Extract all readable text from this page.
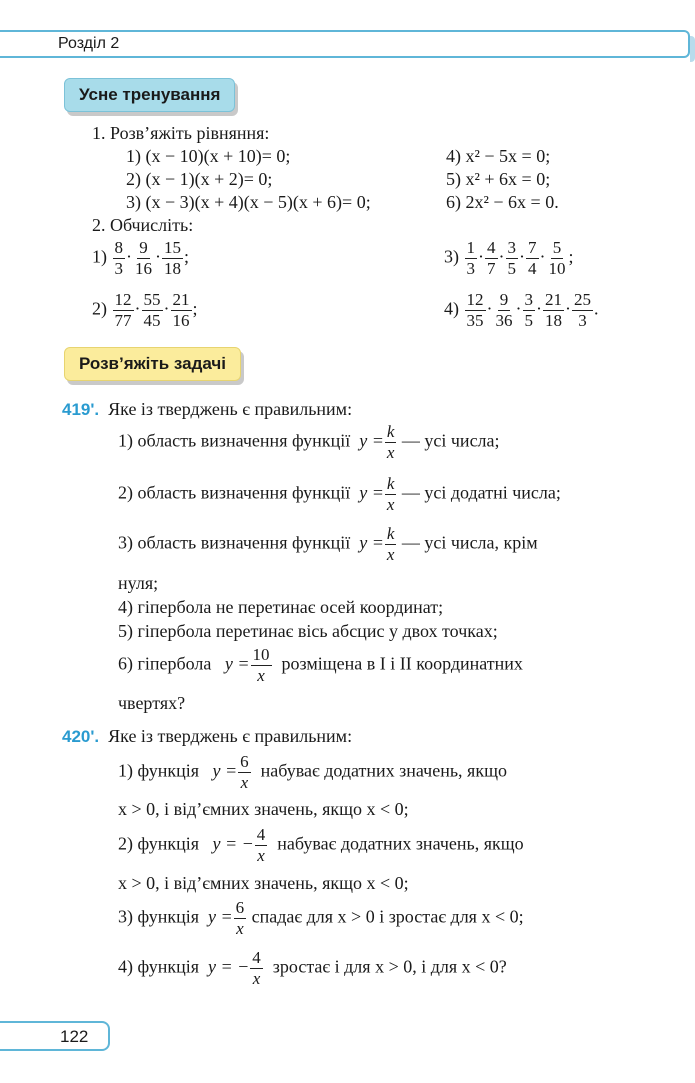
Розділ 2
Усне тренування
1. Розв’яжіть рівняння:
1) (x − 10)(x + 10)= 0;
2) (x − 1)(x + 2)= 0;
3) (x − 3)(x + 4)(x − 5)(x + 6)= 0;
4) x² − 5x = 0;
5) x² + 6x = 0;
6) 2x² − 6x = 0.
2. Обчисліть:
$1) \frac{8}{3} \cdot \frac{9}{16} \cdot \frac{15}{18}$ ;
$2) \frac{12}{77} \cdot \frac{55}{45} \cdot \frac{21}{16}$ ;
$3) \frac{1}{3} \cdot \frac{4}{7} \cdot \frac{3}{5} \cdot \frac{7}{4} \cdot \frac{5}{10}$ ;
$4) \frac{12}{35} \cdot \frac{9}{36} \cdot \frac{3}{5} \cdot \frac{21}{18} \cdot \frac{25}{3}$ .
Розв’яжіть задачі
419'. Яке із тверджень є правильним:
1) область визначення функції $y = \frac{k}{x}$ — усі числа;
2) область визначення функції $y = \frac{k}{x}$ — усі додатні числа;
3) область визначення функції $y = \frac{k}{x}$ — усі числа, крім
нуля;
4) гіпербола не перетинає осей координат;
5) гіпербола перетинає вісь абсцис у двох точках;
6) гіпербола $y = \frac{10}{x}$ розміщена в I і II координатних
чвертях?
420'. Яке із тверджень є правильним:
1) функція $y = \frac{6}{x}$ набуває додатних значень, якщо
x > 0, і від’ємних значень, якщо x < 0;
2) функція y = − $\frac{4}{x}$ набуває додатних значень, якщо
x > 0, і від’ємних значень, якщо x < 0;
3) функція $y = \frac{6}{x}$ спадає для x > 0 і зростає для x < 0;
4) функція y = − $\frac{4}{x}$ зростає і для x > 0, і для x < 0?
122
